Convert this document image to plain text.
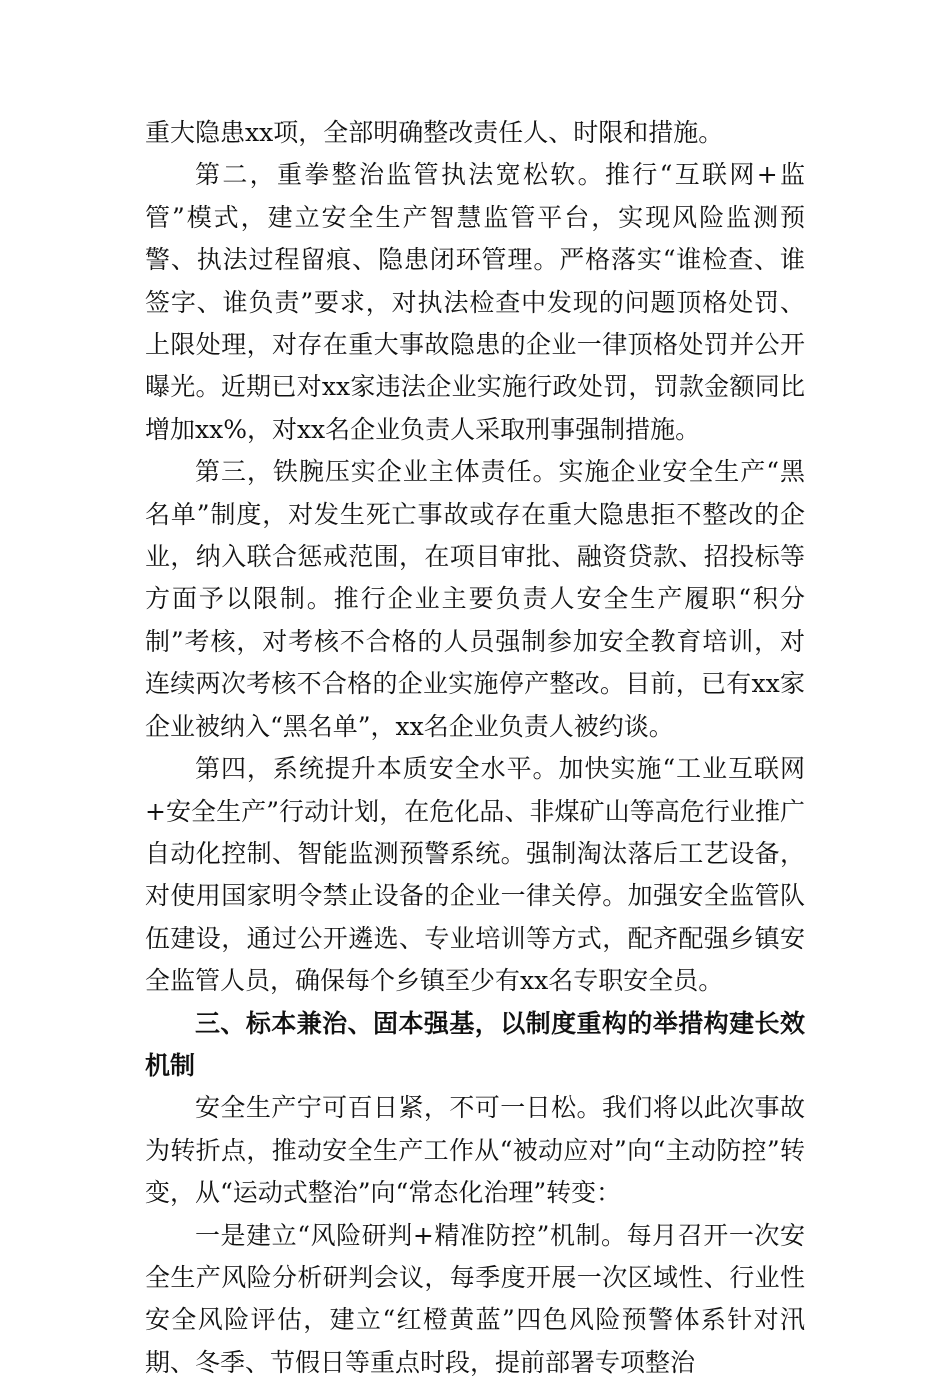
重大隐患xx项，全部明确整改责任人、时限和措施。

第二，重拳整治监管执法宽松软。推行“互联网+监管”模式，建立安全生产智慧监管平台，实现风险监测预警、执法过程留痕、隐患闭环管理。严格落实“谁检查、谁签字、谁负责”要求，对执法检查中发现的问题顶格处罚、上限处理，对存在重大事故隐患的企业一律顶格处罚并公开曝光。近期已对xx家违法企业实施行政处罚，罚款金额同比增加xx%，对xx名企业负责人采取刑事强制措施。

第三，铁腕压实企业主体责任。实施企业安全生产“黑名单”制度，对发生死亡事故或存在重大隐患拒不整改的企业，纳入联合惩戒范围，在项目审批、融资贷款、招投标等方面予以限制。推行企业主要负责人安全生产履职“积分制”考核，对考核不合格的人员强制参加安全教育培训，对连续两次考核不合格的企业实施停产整改。目前，已有xx家企业被纳入“黑名单”，xx名企业负责人被约谈。

第四，系统提升本质安全水平。加快实施“工业互联网+安全生产”行动计划，在危化品、非煤矿山等高危行业推广自动化控制、智能监测预警系统。强制淘汰落后工艺设备，对使用国家明令禁止设备的企业一律关停。加强安全监管队伍建设，通过公开遴选、专业培训等方式，配齐配强乡镇安全监管人员，确保每个乡镇至少有xx名专职安全员。

三、标本兼治、固本强基，以制度重构的举措构建长效机制

安全生产宁可百日紧，不可一日松。我们将以此次事故为转折点，推动安全生产工作从“被动应对”向“主动防控”转变，从“运动式整治”向“常态化治理”转变：

一是建立“风险研判+精准防控”机制。每月召开一次安全生产风险分析研判会议，每季度开展一次区域性、行业性安全风险评估，建立“红橙黄蓝”四色风险预警体系针对汛期、冬季、节假日等重点时段，提前部署专项整治
